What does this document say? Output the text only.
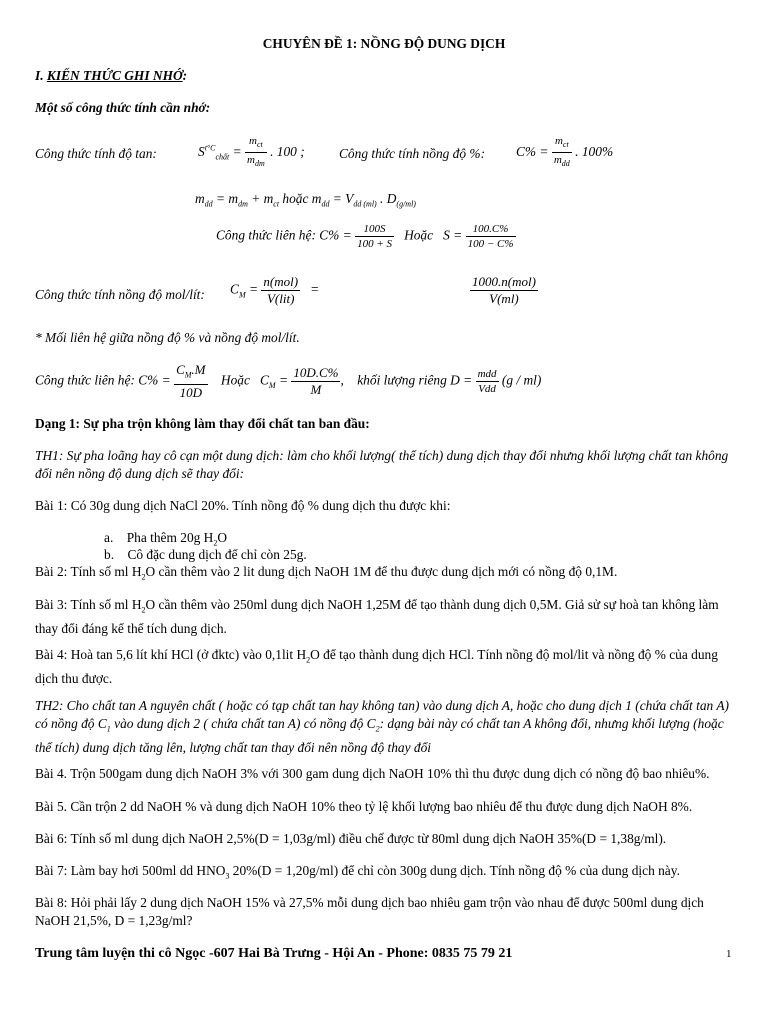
CHUYÊN ĐỀ 1: NỒNG ĐỘ DUNG DỊCH
I. KIẾN THỨC GHI NHỚ:
Một số công thức tính cần nhớ:
Công thức tính độ tan:	$S^{t^\circ C}_{chất} = \frac{m_{ct}}{m_{dm}}$ . 100 ;	Công thức tính nồng độ %: $C\% = \frac{m_{ct}}{m_{dd}}$ . 100%
$m_{dd} = m_{dm} + m_{ct}$ hoặc $m_{dd} = V_{dd (ml)}$ . $D_{(g/ml)}$
Công thức liên hệ: $C\% = \frac{100S}{100 + S}$ Hoặc $S = \frac{100.C\%}{100 - C\%}$
Công thức tính nồng độ mol/lít: $C_M = \frac{\text{n(mol)}}{\text{V(lit)}}$ =	$\frac{\text{1000.n(mol)}}{V(ml)}$
* Mối liên hệ giữa nồng độ % và nồng độ mol/lít.
Công thức liên hệ: $C\% = \frac{C_M.M}{10D}$ Hoặc $C_M = \frac{10D.C\%}{M}$ , khối lượng riêng $D = \frac{\text{mdd}}{\text{Vdd}} (g / ml)$
Dạng 1: Sự pha trộn không làm thay đổi chất tan ban đầu:
TH1: Sự pha loãng hay cô cạn một dung dịch: làm cho khối lượng( thể tích) dung dịch thay đổi nhưng khối lượng chất tan không đổi nên nồng độ dung dịch sẽ thay đổi:
Bài 1: Có 30g dung dịch NaCl 20%. Tính nồng độ % dung dịch thu được khi:
a. Pha thêm 20g $H_2O$
b. Cô đặc dung dịch để chỉ còn 25g.
Bài 2: Tính số ml $H_2O$ cần thêm vào 2 lit dung dịch NaOH 1M để thu được dung dịch mới có nồng độ 0,1M.
Bài 3: Tính số ml $H_2O$ cần thêm vào 250ml dung dịch NaOH 1,25M để tạo thành dung dịch 0,5M. Giả sử sự hoà tan không làm thay đổi đáng kể thể tích dung dịch.
Bài 4: Hoà tan 5,6 lít khí HCl (ở đktc) vào 0,1lit $H_2O$ để tạo thành dung dịch HCl. Tính nồng độ mol/lit và nồng độ % của dung dịch thu được.
TH2: Cho chất tan A nguyên chất ( hoặc có tạp chất tan hay không tan) vào dung dịch A, hoặc cho dung dịch 1 (chứa chất tan A) có nồng độ $C_1$ vào dung dịch 2 ( chứa chất tan A) có nồng độ $C_2$: dạng bài này có chất tan A không đổi, nhưng khối lượng (hoặc thể tích) dung dịch tăng lên, lượng chất tan thay đổi nên nồng độ thay đổi
Bài 4. Trộn 500gam dung dịch NaOH 3% với 300 gam dung dịch NaOH 10% thì thu được dung dịch có nồng độ bao nhiêu%.
Bài 5. Cần trộn 2 dd NaOH % và dung dịch NaOH 10% theo tỷ lệ khối lượng bao nhiêu để thu được dung dịch NaOH 8%.
Bài 6: Tính số ml dung dịch NaOH 2,5%(D = 1,03g/ml) điều chế được từ 80ml dung dịch NaOH 35%(D = 1,38g/ml).
Bài 7: Làm bay hơi 500ml dd $HNO_3$ 20%(D = 1,20g/ml) để chỉ còn 300g dung dịch. Tính nồng độ % của dung dịch này.
Bài 8: Hỏi phải lấy 2 dung dịch NaOH 15% và 27,5% mỗi dung dịch bao nhiêu gam trộn vào nhau để được 500ml dung dịch NaOH 21,5%, D = 1,23g/ml?
Trung tâm luyện thi cô Ngọc -607 Hai Bà Trưng - Hội An - Phone: 0835 75 79 21	1
